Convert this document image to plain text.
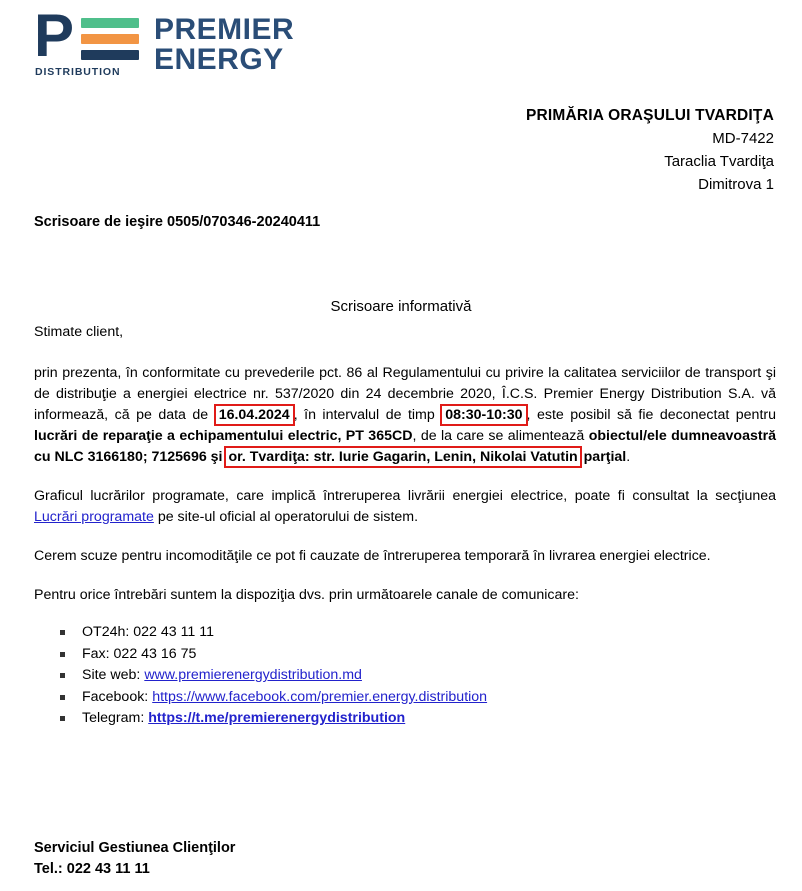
P
DISTRIBUTION
PREMIER
ENERGY
PRIMĂRIA ORAŞULUI TVARDIŢA
MD-7422
Taraclia Tvardiţa
Dimitrova 1
Scrisoare de ieşire 0505/070346-20240411
Scrisoare informativă
Stimate client,

prin prezenta, în conformitate cu prevederile pct. 86 al Regulamentului cu privire la calitatea serviciilor de transport şi de distribuţie a energiei electrice nr. 537/2020 din 24 decembrie 2020, Î.C.S. Premier Energy Distribution S.A. vă informează, că pe data de 16.04.2024 , în intervalul de timp 08:30-10:30 , este posibil să fie deconectat pentru lucrări de reparaţie a echipamentului electric, PT 365CD, de la care se alimentează obiectul/ele dumneavoastră cu NLC 3166180; 7125696 şi or. Tvardiţa: str. Iurie Gagarin, Lenin, Nikolai Vatutin parţial.

Graficul lucrărilor programate, care implică întreruperea livrării energiei electrice, poate fi consultat la secţiunea Lucrări programate pe site-ul oficial al operatorului de sistem.

Cerem scuze pentru incomodităţile ce pot fi cauzate de întreruperea temporară în livrarea energiei electrice.

Pentru orice întrebări suntem la dispoziţia dvs. prin următoarele canale de comunicare:

OT24h: 022 43 11 11
Fax: 022 43 16 75
Site web: www.premierenergydistribution.md
Facebook: https://www.facebook.com/premier.energy.distribution
Telegram: https://t.me/premierenergydistribution
Serviciul Gestiunea Clienţilor
Tel.: 022 43 11 11
